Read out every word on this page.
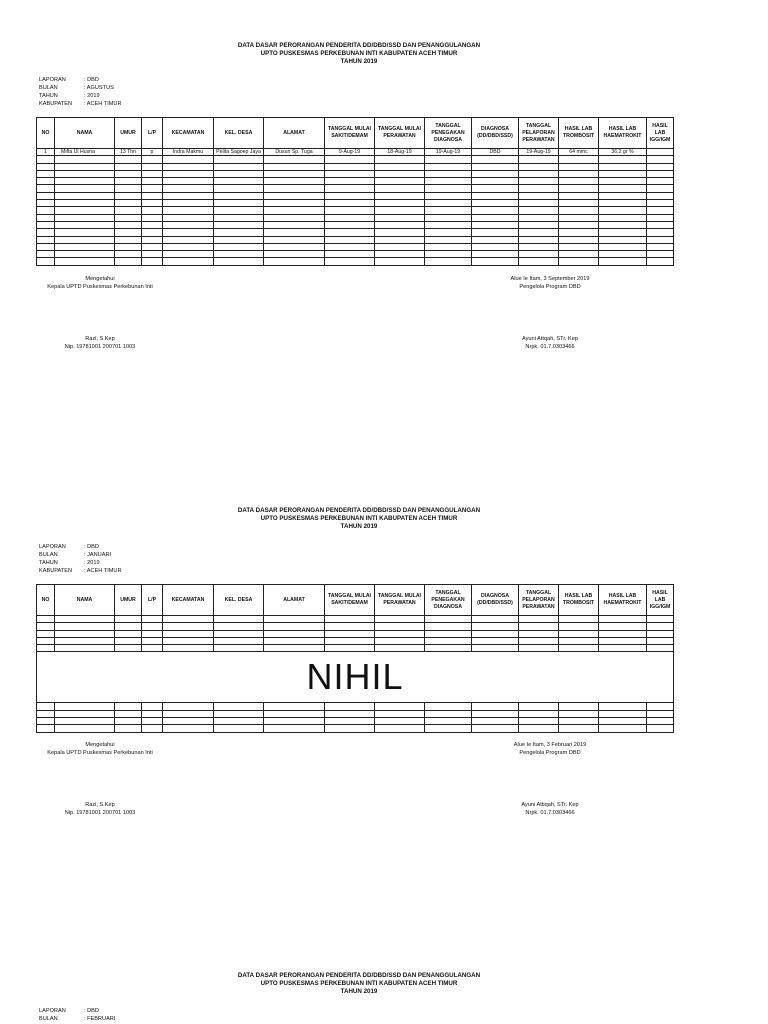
DATA DASAR PERORANGAN PENDERITA DD/DBD/SSD DAN PENANGGULANGAN
UPTO PUSKESMAS PERKEBUNAN INTI KABUPATEN ACEH TIMUR
TAHUN 2019
LAPORAN	: DBD
BULAN	: AGUSTUS
TAHUN	: 2019
KABUPATEN	: ACEH TIMUR
NO	NAMA	UMUR	L/P	KECAMATAN	KEL. DESA	ALAMAT	TANGGAL MULAI SAKIT/DEMAM	TANGGAL MULAI PERAWATAN	TANGGAL PENEGAKAN DIAGNOSA	DIAGNOSA (DD/DBD/SSD)	TANGGAL PELAPORAN PERAWATAN	HASIL LAB TROMBOSIT	HASIL LAB HAEMATROKIT	HASIL LAB IGG/IGM
1	Mifta Ul Husna	13 Thn	p	Indra Makmu	Pelita Sagoep Jaya	Dusun Sp. Tuga	9-Aug-19	18-Aug-19	19-Aug-19	DBD	19-Aug-19	64 mmc	36,2 gr %	

Mengetahui
Kepala UPTD Puskesmas Perkebunan Inti
Razi, S.Kep
Nip. 19781001 200701 1003
Alue Ie Itam, 3 September 2019
Pengelola Program DBD
Ayuni Attqah, STr. Kep
Nrpk. 01.7.0303466
DATA DASAR PERORANGAN PENDERITA DD/DBD/SSD DAN PENANGGULANGAN
UPTO PUSKESMAS PERKEBUNAN INTI KABUPATEN ACEH TIMUR
TAHUN 2019
LAPORAN	: DBD
BULAN	: JANUARI
TAHUN	: 2019
KABUPATEN	: ACEH TIMUR
NO	NAMA	UMUR	L/P	KECAMATAN	KEL. DESA	ALAMAT	TANGGAL MULAI SAKIT/DEMAM	TANGGAL MULAI PERAWATAN	TANGGAL PENEGAKAN DIAGNOSA	DIAGNOSA (DD/DBD/SSD)	TANGGAL PELAPORAN PERAWATAN	HASIL LAB TROMBOSIT	HASIL LAB HAEMATROKIT	HASIL LAB IGG/IGM

NIHIL														

Mengetahui
Kepala UPTD Puskesmas Perkebunan Inti
Razi, S.Kep
Nip. 19781001 200701 1003
Alue Ie Itam, 3 Februari 2019
Pengelola Program DBD
Ayuni Attiqah, STr. Kep
Nrpk. 01.7.0303466
DATA DASAR PERORANGAN PENDERITA DD/DBD/SSD DAN PENANGGULANGAN
UPTO PUSKESMAS PERKEBUNAN INTI KABUPATEN ACEH TIMUR
TAHUN 2019
LAPORAN	: DBD
BULAN	: FEBRUARI
